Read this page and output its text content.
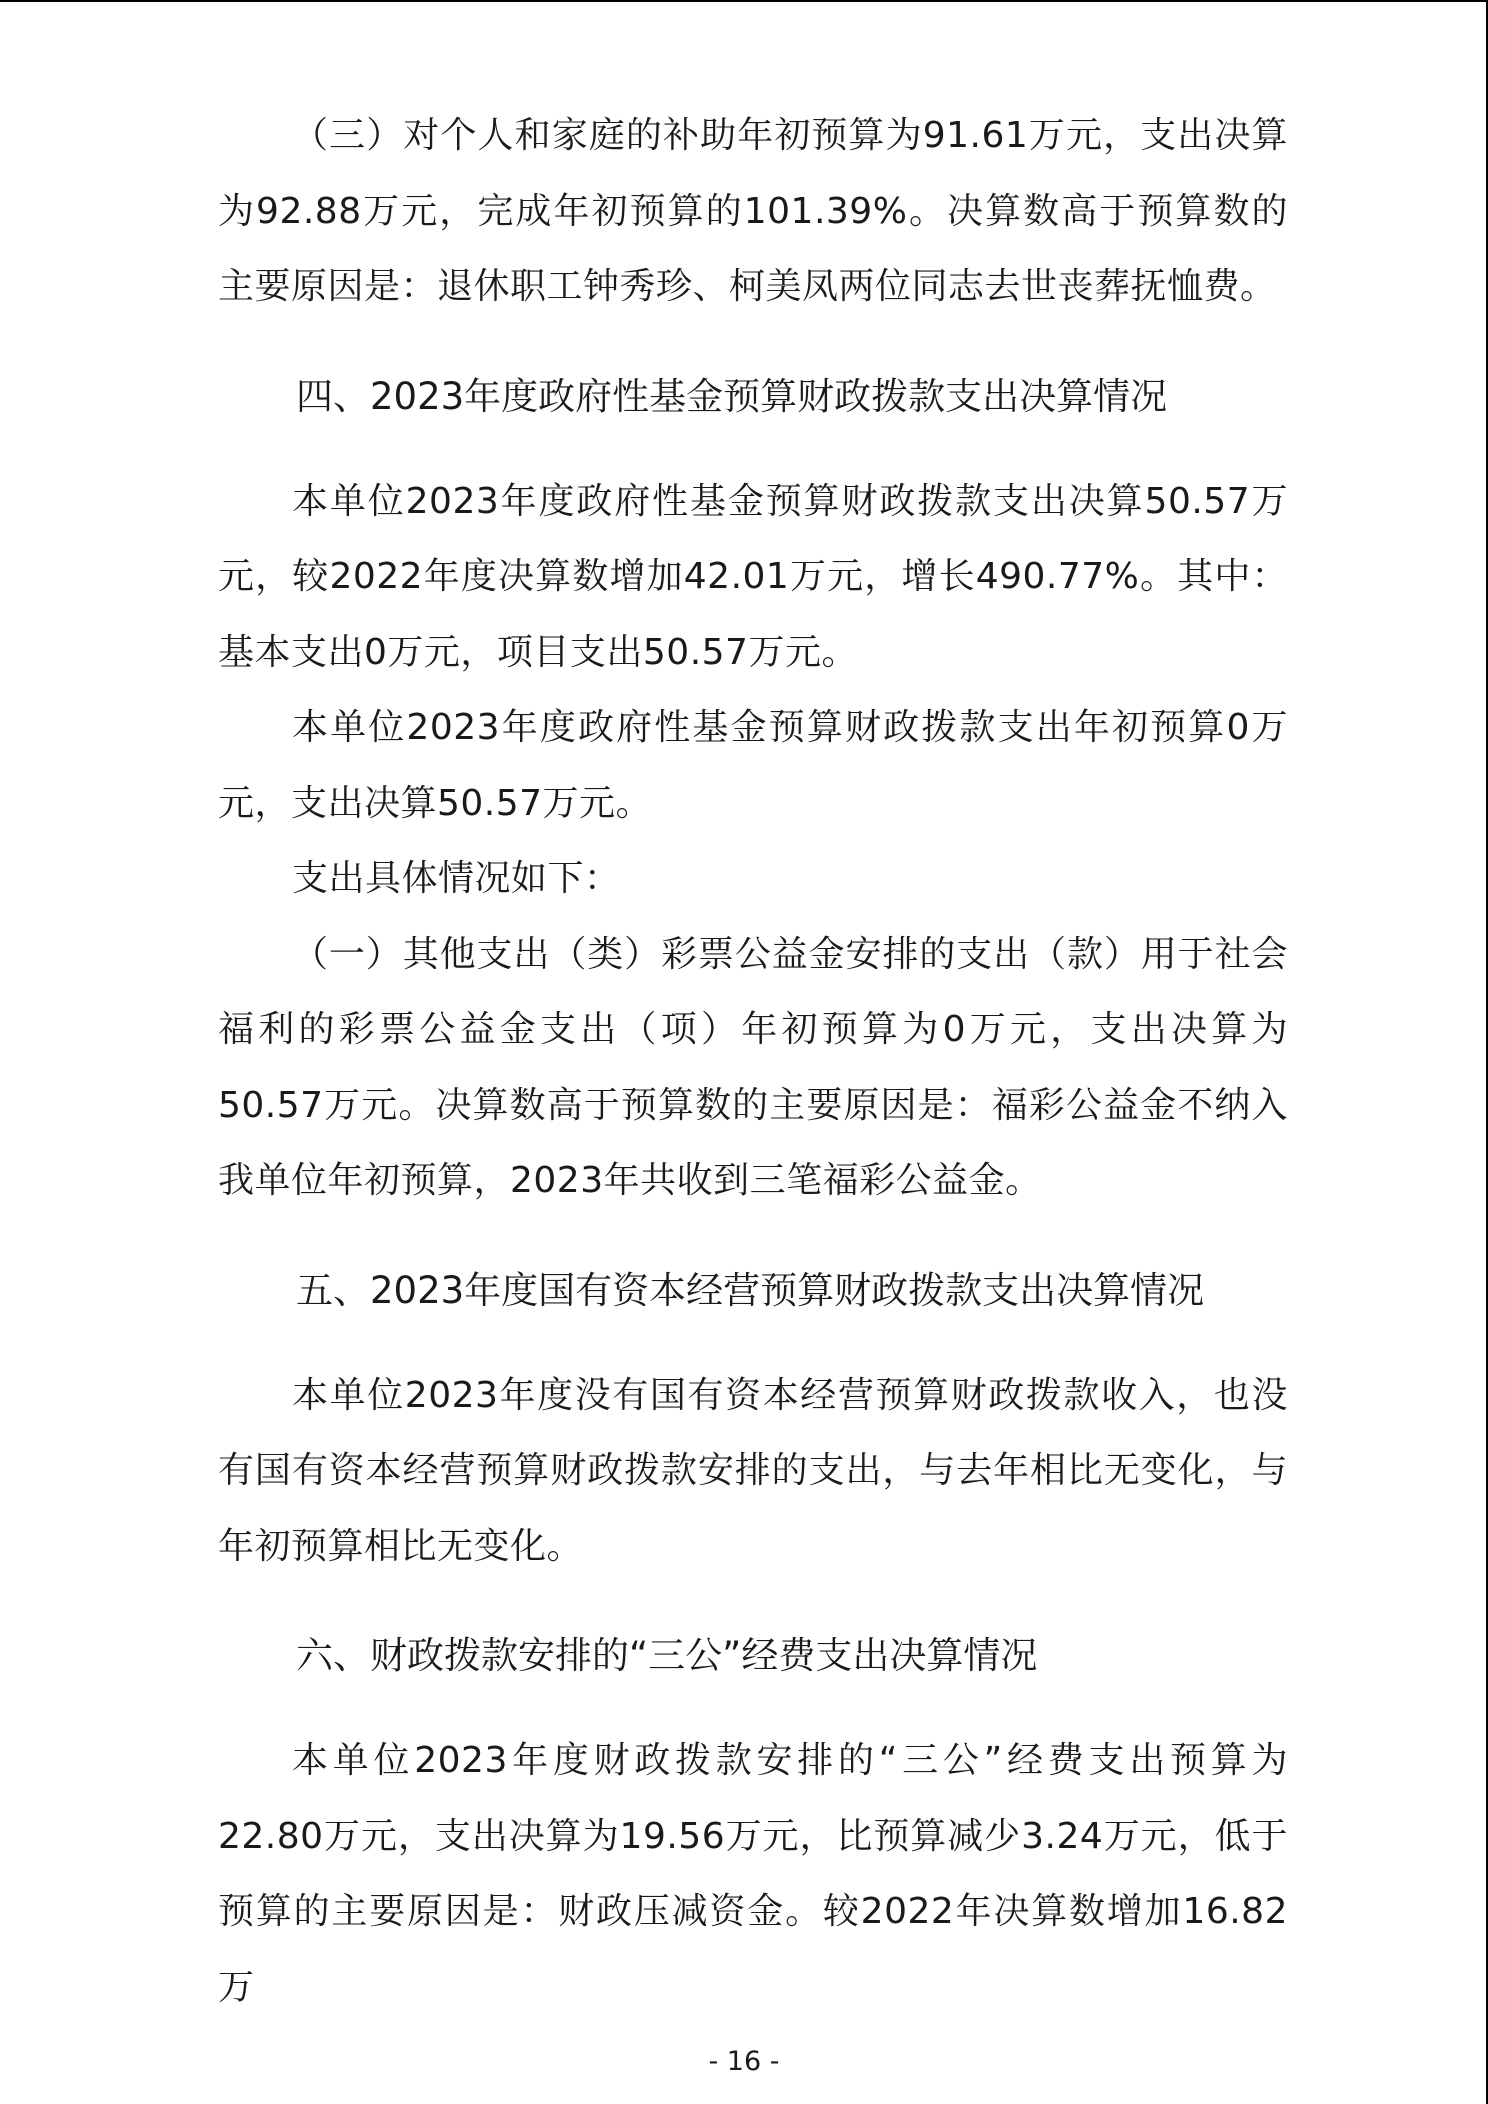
（三）对个人和家庭的补助年初预算为91.61万元，支出决算为92.88万元，完成年初预算的101.39%。决算数高于预算数的主要原因是：退休职工钟秀珍、柯美凤两位同志去世丧葬抚恤费。

四、2023年度政府性基金预算财政拨款支出决算情况

本单位2023年度政府性基金预算财政拨款支出决算50.57万元，较2022年度决算数增加42.01万元，增长490.77%。其中：基本支出0万元，项目支出50.57万元。

本单位2023年度政府性基金预算财政拨款支出年初预算0万元，支出决算50.57万元。

支出具体情况如下：

（一）其他支出（类）彩票公益金安排的支出（款）用于社会福利的彩票公益金支出（项）年初预算为0万元，支出决算为50.57万元。决算数高于预算数的主要原因是：福彩公益金不纳入我单位年初预算，2023年共收到三笔福彩公益金。

五、2023年度国有资本经营预算财政拨款支出决算情况

本单位2023年度没有国有资本经营预算财政拨款收入，也没有国有资本经营预算财政拨款安排的支出，与去年相比无变化，与年初预算相比无变化。

六、财政拨款安排的“三公”经费支出决算情况

本单位2023年度财政拨款安排的“三公”经费支出预算为22.80万元，支出决算为19.56万元，比预算减少3.24万元，低于预算的主要原因是：财政压减资金。较2022年决算数增加16.82万

- 16 -
